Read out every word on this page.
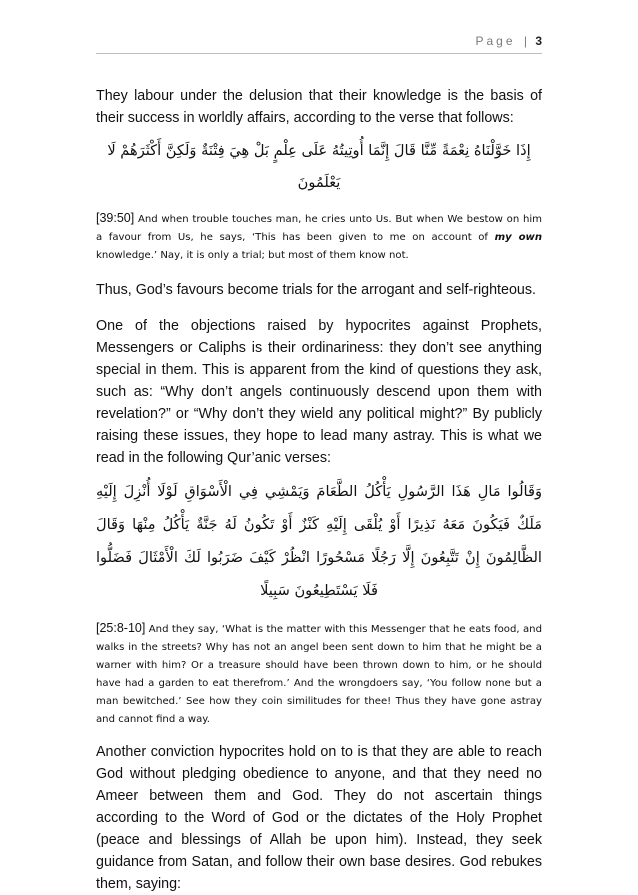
Page | 3

They labour under the delusion that their knowledge is the basis of their success in worldly affairs, according to the verse that follows:

إِذَا خَوَّلْنَاهُ نِعْمَةً مِّنَّا قَالَ إِنَّمَا أُوتِيتُهُ عَلَى عِلْمٍ بَلْ هِيَ فِتْنَةٌ وَلَكِنَّ أَكْثَرَهُمْ لَا يَعْلَمُونَ

[39:50] And when trouble touches man, he cries unto Us. But when We bestow on him a favour from Us, he says, ‘This has been given to me on account of my own knowledge.’ Nay, it is only a trial; but most of them know not.

Thus, God’s favours become trials for the arrogant and self-righteous.

One of the objections raised by hypocrites against Prophets, Messengers or Caliphs is their ordinariness: they don’t see anything special in them. This is apparent from the kind of questions they ask, such as: “Why don’t angels continuously descend upon them with revelation?” or “Why don’t they wield any political might?” By publicly raising these issues, they hope to lead many astray. This is what we read in the following Qur’anic verses:

وَقَالُوا مَالِ هَذَا الرَّسُولِ يَأْكُلُ الطَّعَامَ وَيَمْشِي فِي الْأَسْوَاقِ لَوْلَا أُنْزِلَ إِلَيْهِ مَلَكٌ فَيَكُونَ مَعَهُ نَذِيرًا أَوْ يُلْقَى إِلَيْهِ كَنْزٌ أَوْ تَكُونُ لَهُ جَنَّةٌ يَأْكُلُ مِنْهَا وَقَالَ الظَّالِمُونَ إِنْ تَتَّبِعُونَ إِلَّا رَجُلًا مَسْحُورًا انْظُرْ كَيْفَ ضَرَبُوا لَكَ الْأَمْثَالَ فَضَلُّوا فَلَا يَسْتَطِيعُونَ سَبِيلًا

[25:8-10] And they say, ‘What is the matter with this Messenger that he eats food, and walks in the streets? Why has not an angel been sent down to him that he might be a warner with him? Or a treasure should have been thrown down to him, or he should have had a garden to eat therefrom.’ And the wrongdoers say, ‘You follow none but a man bewitched.’ See how they coin similitudes for thee! Thus they have gone astray and cannot find a way.

Another conviction hypocrites hold on to is that they are able to reach God without pledging obedience to anyone, and that they need no Ameer between them and God. They do not ascertain things according to the Word of God or the dictates of the Holy Prophet (peace and blessings of Allah be upon him). Instead, they seek guidance from Satan, and follow their own base desires. God rebukes them, saying:
